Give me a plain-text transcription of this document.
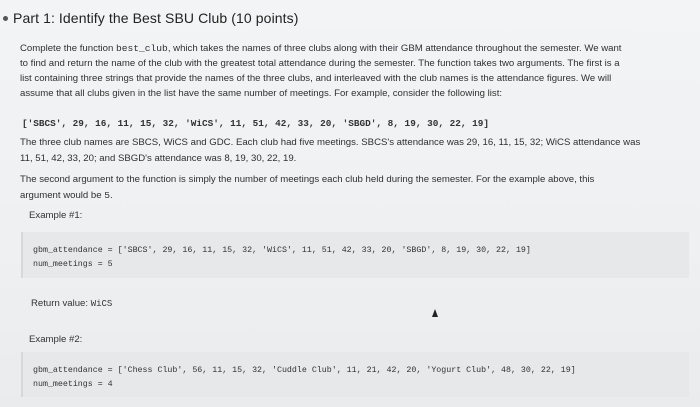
Part 1: Identify the Best SBU Club (10 points)
Complete the function best_club, which takes the names of three clubs along with their GBM attendance throughout the semester. We want
to find and return the name of the club with the greatest total attendance during the semester. The function takes two arguments. The first is a
list containing three strings that provide the names of the three clubs, and interleaved with the club names is the attendance figures. We will
assume that all clubs given in the list have the same number of meetings. For example, consider the following list:
['SBCS', 29, 16, 11, 15, 32, 'WiCS', 11, 51, 42, 33, 20, 'SBGD', 8, 19, 30, 22, 19]
The three club names are SBCS, WiCS and GDC. Each club had five meetings. SBCS's attendance was 29, 16, 11, 15, 32; WiCS attendance was
11, 51, 42, 33, 20; and SBGD's attendance was 8, 19, 30, 22, 19.
The second argument to the function is simply the number of meetings each club held during the semester. For the example above, this
argument would be 5.
Example #1:
gbm_attendance = ['SBCS', 29, 16, 11, 15, 32, 'WiCS', 11, 51, 42, 33, 20, 'SBGD', 8, 19, 30, 22, 19]
num_meetings = 5
Return value: WiCS
Example #2:
gbm_attendance = ['Chess Club', 56, 11, 15, 32, 'Cuddle Club', 11, 21, 42, 20, 'Yogurt Club', 48, 30, 22, 19]
num_meetings = 4
